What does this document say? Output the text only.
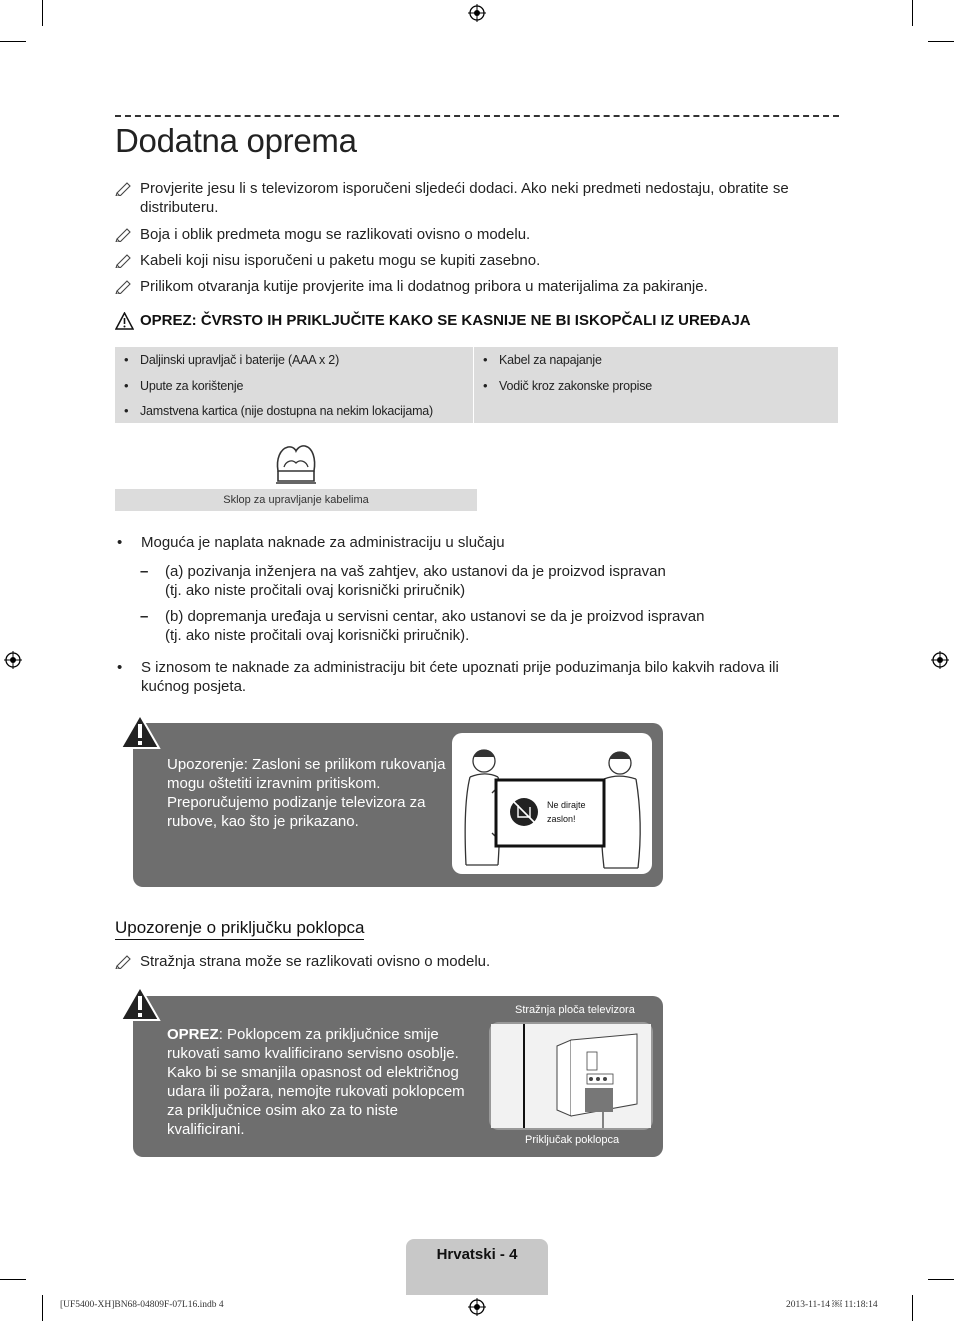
Dodatna oprema
Provjerite jesu li s televizorom isporučeni sljedeći dodaci. Ako neki predmeti nedostaju, obratite se distributeru.
Boja i oblik predmeta mogu se razlikovati ovisno o modelu.
Kabeli koji nisu isporučeni u paketu mogu se kupiti zasebno.
Prilikom otvaranja kutije provjerite ima li dodatnog pribora u materijalima za pakiranje.
OPREZ: ČVRSTO IH PRIKLJUČITE KAKO SE KASNIJE NE BI ISKOPČALI IZ UREĐAJA
• Daljinski upravljač i baterije (AAA x 2)
• Upute za korištenje
• Jamstvena kartica (nije dostupna na nekim lokacijama)
• Kabel za napajanje
• Vodič kroz zakonske propise
Sklop za upravljanje kabelima
• Moguća je naplata naknade za administraciju u slučaju
– (a) pozivanja inženjera na vaš zahtjev, ako ustanovi da je proizvod ispravan
(tj. ako niste pročitali ovaj korisnički priručnik)
– (b) dopremanja uređaja u servisni centar, ako ustanovi se da je proizvod ispravan
(tj. ako niste pročitali ovaj korisnički priručnik).
• S iznosom te naknade za administraciju bit ćete upoznati prije poduzimanja bilo kakvih radova ili kućnog posjeta.
Upozorenje: Zasloni se prilikom rukovanja mogu oštetiti izravnim pritiskom. Preporučujemo podizanje televizora za rubove, kao što je prikazano.
Ne dirajte
zaslon!
Upozorenje o priključku poklopca
Stražnja strana može se razlikovati ovisno o modelu.
OPREZ: Poklopcem za priključnice smije rukovati samo kvalificirano servisno osoblje. Kako bi se smanjila opasnost od električnog udara ili požara, nemojte rukovati poklopcem za priključnice osim ako za to niste kvalificirani.
Stražnja ploča televizora
Priključak poklopca
Hrvatski - 4
[UF5400-XH]BN68-04809F-07L16.indb 4	2013-11-14 ￼ 11:18:14
